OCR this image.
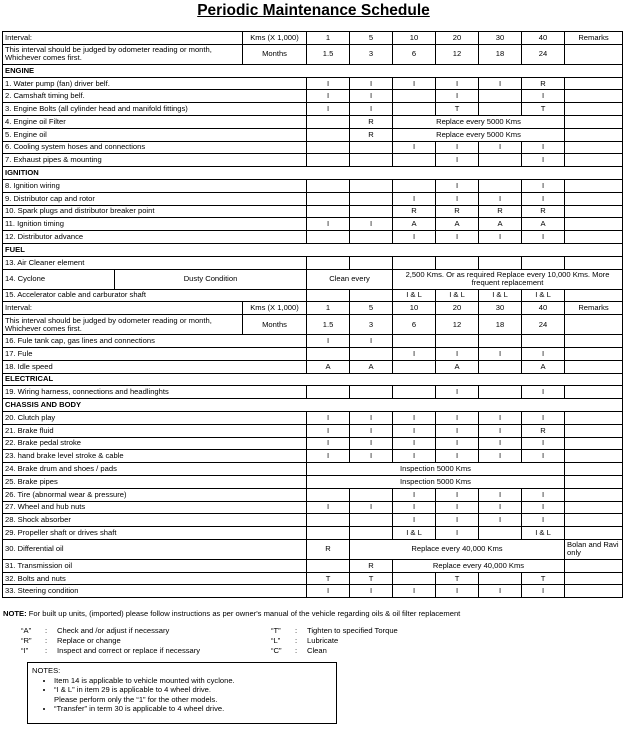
Periodic Maintenance Schedule
Interval:		Kms (X 1,000)	1	5	10	20	30	40	Remarks
This interval should be judged by odometer reading or month, Whichever comes first.		Months	1.5	3	6	12	18	24	
ENGINE									
1. Water pump (fan) driver belf.			I	I	I	I	I	R	
2. Camshaft timing belf.			I	I		I		I	
3. Engine Bolts (all cylinder head and manifold fittings)			I	I		T		T	
4. Engine oil Filter				R	Replace every 5000 Kms				
5. Engine oil				R	Replace every 5000 Kms				
6. Cooling system hoses and connections					I	I	I	I	
7. Exhaust pipes & mounting						I		I	
IGNITION									
8. Ignition wiring						I		I	
9. Distributor cap and rotor					I	I	I	I	
10. Spark plugs and distributor breaker point					R	R	R	R	
11. Ignition timing			I	I	A	A	A	A	
12. Distributor advance					I	I	I	I	
FUEL									
13. Air Cleaner element									
14. Cyclone	Dusty Condition		Clean every		2,500 Kms. Or as required Replace every 10,000 Kms. More frequent replacement				
15. Accelerator cable and carburator shaft					I & L	I & L	I & L	I & L	
Interval:		Kms (X 1,000)	1	5	10	20	30	40	Remarks
This interval should be judged by odometer reading or month, Whichever comes first.		Months	1.5	3	6	12	18	24	
16. Fule tank cap, gas lines and connections			I	I					
17. Fule					I	I	I	I	
18. Idle speed			A	A		A		A	
ELECTRICAL									
19. Wiring harness, connections and headlinghts						I		I	
CHASSIS AND BODY									
20. Clutch play			I	I	I	I	I	I	
21. Brake fluid			I	I	I	I	I	R	
22. Brake pedal stroke			I	I	I	I	I	I	
23. hand brake level stroke & cable			I	I	I	I	I	I	
24. Brake drum and shoes / pads			Inspection 5000 Kms						
25. Brake pipes			Inspection 5000 Kms						
26. Tire (abnormal wear & pressure)					I	I	I	I	
27. Wheel and hub nuts			I	I	I	I	I	I	
28. Shock absorber					I	I	I	I	
29. Propeller shaft or drives shaft					I & L	I		I & L	
30. Differential oil			R	Replace every 40,000 Kms					Bolan and Ravi only
31. Transmission oil				R	Replace every 40,000 Kms				
32. Bolts and nuts			T	T		T		T	
33. Steering condition			I	I	I	I	I	I	
NOTE: For built up units, (imported) please follow instructions as per owner's manual of the vehicle regarding oils & oil filter replacement
“A” : Check and /or adjust if necessary
“R” : Replace or change
“I” : Inspect and correct or replace if necessary
“T” : Tighten to specified Torque
“L” : Lubricate
“C” : Clean
NOTES:
• Item 14 is applicable to vehicle mounted with cyclone.
• “I & L” in item 29 is applicable to 4 wheel drive.
Please perform only the “1” for the other models.
• “Transfer” in term 30 is applicable to 4 wheel drive.
